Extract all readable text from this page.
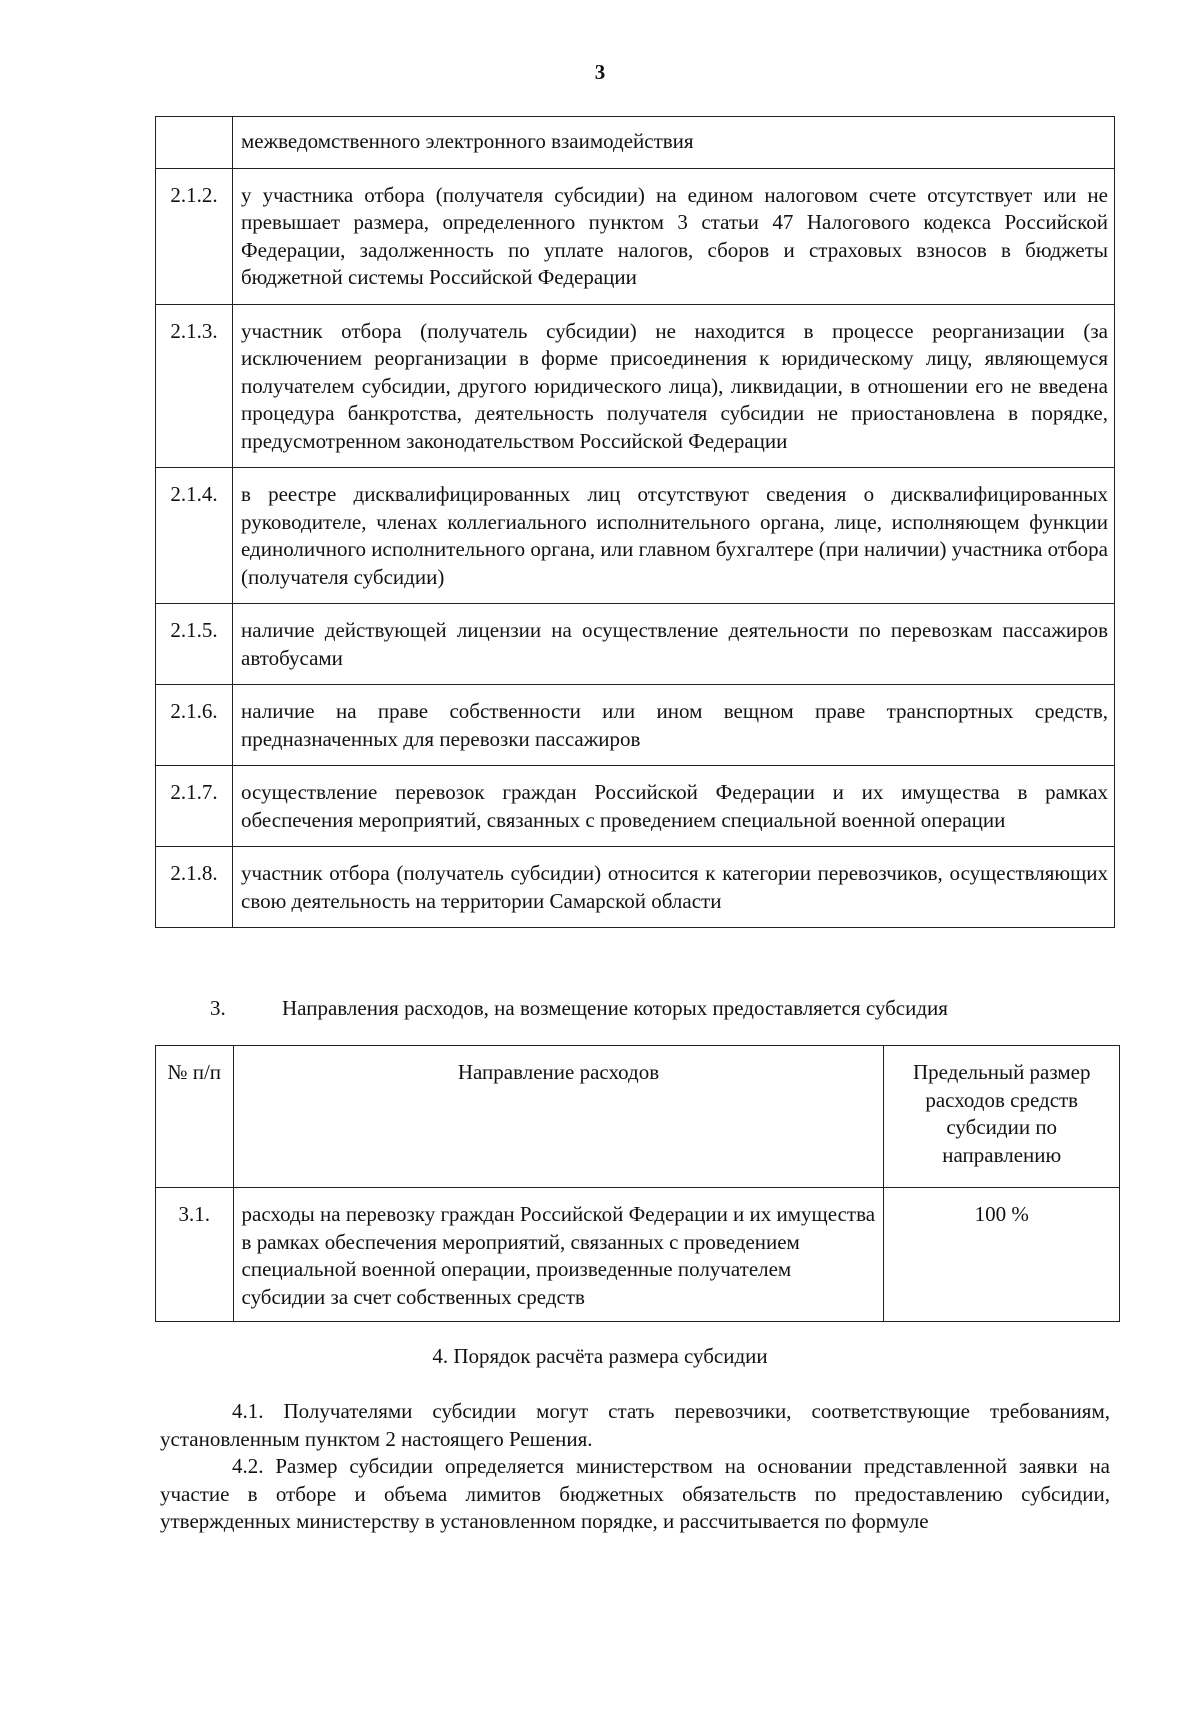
3
	межведомственного электронного взаимодействия
2.1.2.	у участника отбора (получателя субсидии) на едином налоговом счете отсутствует или не превышает размера, определенного пунктом 3 статьи 47 Налогового кодекса Российской Федерации, задолженность по уплате налогов, сборов и страховых взносов в бюджеты бюджетной системы Российской Федерации
2.1.3.	участник отбора (получатель субсидии) не находится в процессе реорганизации (за исключением реорганизации в форме присоединения к юридическому лицу, являющемуся получателем субсидии, другого юридического лица), ликвидации, в отношении его не введена процедура банкротства, деятельность получателя субсидии не приостановлена в порядке, предусмотренном законодательством Российской Федерации
2.1.4.	в реестре дисквалифицированных лиц отсутствуют сведения о дисквалифицированных руководителе, членах коллегиального исполнительного органа, лице, исполняющем функции единоличного исполнительного органа, или главном бухгалтере (при наличии) участника отбора (получателя субсидии)
2.1.5.	наличие действующей лицензии на осуществление деятельности по перевозкам пассажиров автобусами
2.1.6.	наличие на праве собственности или ином вещном праве транспортных средств, предназначенных для перевозки пассажиров
2.1.7.	осуществление перевозок граждан Российской Федерации и их имущества в рамках обеспечения мероприятий, связанных с проведением специальной военной операции
2.1.8.	участник отбора (получатель субсидии) относится к категории перевозчиков, осуществляющих свою деятельность на территории Самарской области
3.	Направления расходов, на возмещение которых предоставляется субсидия
№ п/п	Направление расходов	Предельный размер расходов средств субсидии по направлению
3.1.	расходы на перевозку граждан Российской Федерации и их имущества в рамках обеспечения мероприятий, связанных с проведением специальной военной операции, произведенные получателем субсидии за счет собственных средств	100 %
4. Порядок расчёта размера субсидии

4.1. Получателями субсидии могут стать перевозчики, соответствующие требованиям, установленным пунктом 2 настоящего Решения.

4.2. Размер субсидии определяется министерством на основании представленной заявки на участие в отборе и объема лимитов бюджетных обязательств по предоставлению субсидии, утвержденных министерству в установленном порядке, и рассчитывается по формуле
